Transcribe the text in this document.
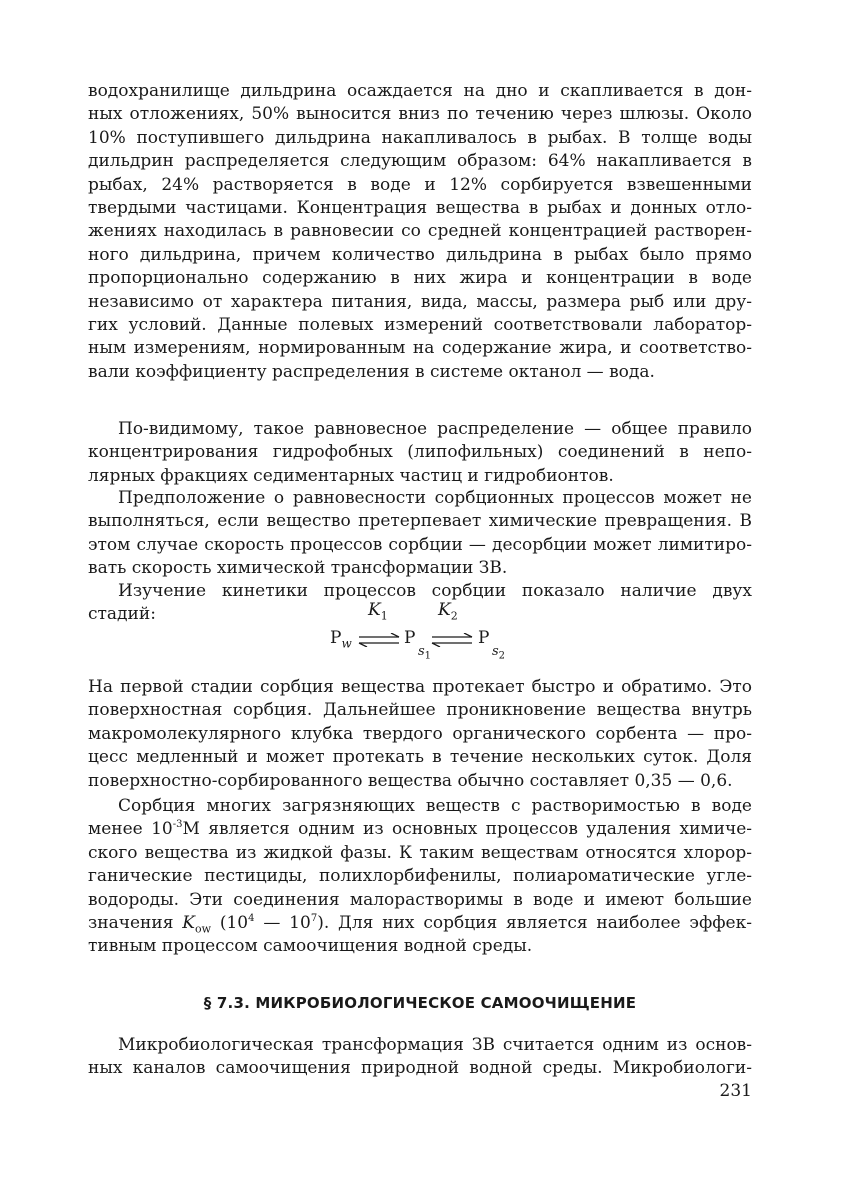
водохранилище дильдрина осаждается на дно и скапливается в дон-
ных отложениях, 50% выносится вниз по течению через шлюзы. Около
10% поступившего дильдрина накапливалось в рыбах. В толще воды
дильдрин распределяется следующим образом: 64% накапливается в
рыбах, 24% растворяется в воде и 12% сорбируется взвешенными
твердыми частицами. Концентрация вещества в рыбах и донных отло-
жениях находилась в равновесии со средней концентрацией растворен-
ного дильдрина, причем количество дильдрина в рыбах было прямо
пропорционально содержанию в них жира и концентрации в воде
независимо от характера питания, вида, массы, размера рыб или дру-
гих условий. Данные полевых измерений соответствовали лаборатор-
ным измерениям, нормированным на содержание жира, и соответство-
вали коэффициенту распределения в системе октанол — вода.
По-видимому, такое равновесное распределение — общее правило
концентрирования гидрофобных (липофильных) соединений в непо-
лярных фракциях седиментарных частиц и гидробионтов.
Предположение о равновесности сорбционных процессов может не
выполняться, если вещество претерпевает химические превращения. В
этом случае скорость процессов сорбции — десорбции может лимитиро-
вать скорость химической трансформации ЗВ.
Изучение кинетики процессов сорбции показало наличие двух
стадий:	$K_1$	$K_2$
$P_w$ ⇌ P
$s_1$
⇌ P
$s_2$
На первой стадии сорбция вещества протекает быстро и обратимо. Это
поверхностная сорбция. Дальнейшее проникновение вещества внутрь
макромолекулярного клубка твердого органического сорбента — про-
цесс медленный и может протекать в течение нескольких суток. Доля
поверхностно-сорбированного вещества обычно составляет 0,35 — 0,6.
Сорбция многих загрязняющих веществ с растворимостью в воде
менее $10^{-3}М$ является одним из основных процессов удаления химиче-
ского вещества из жидкой фазы. К таким веществам относятся хлорор-
ганические пестициды, полихлорбифенилы, полиароматические угле-
водороды. Эти соединения малорастворимы в воде и имеют большие
значения $K_{ow}$ ($10^4$ — $10^7$). Для них сорбция является наиболее эффек-
тивным процессом самоочищения водной среды.
§ 7.3. МИКРОБИОЛОГИЧЕСКОЕ САМООЧИЩЕНИЕ
Микробиологическая трансформация ЗВ считается одним из основ-
ных каналов самоочищения природной водной среды. Микробиологи-
231
